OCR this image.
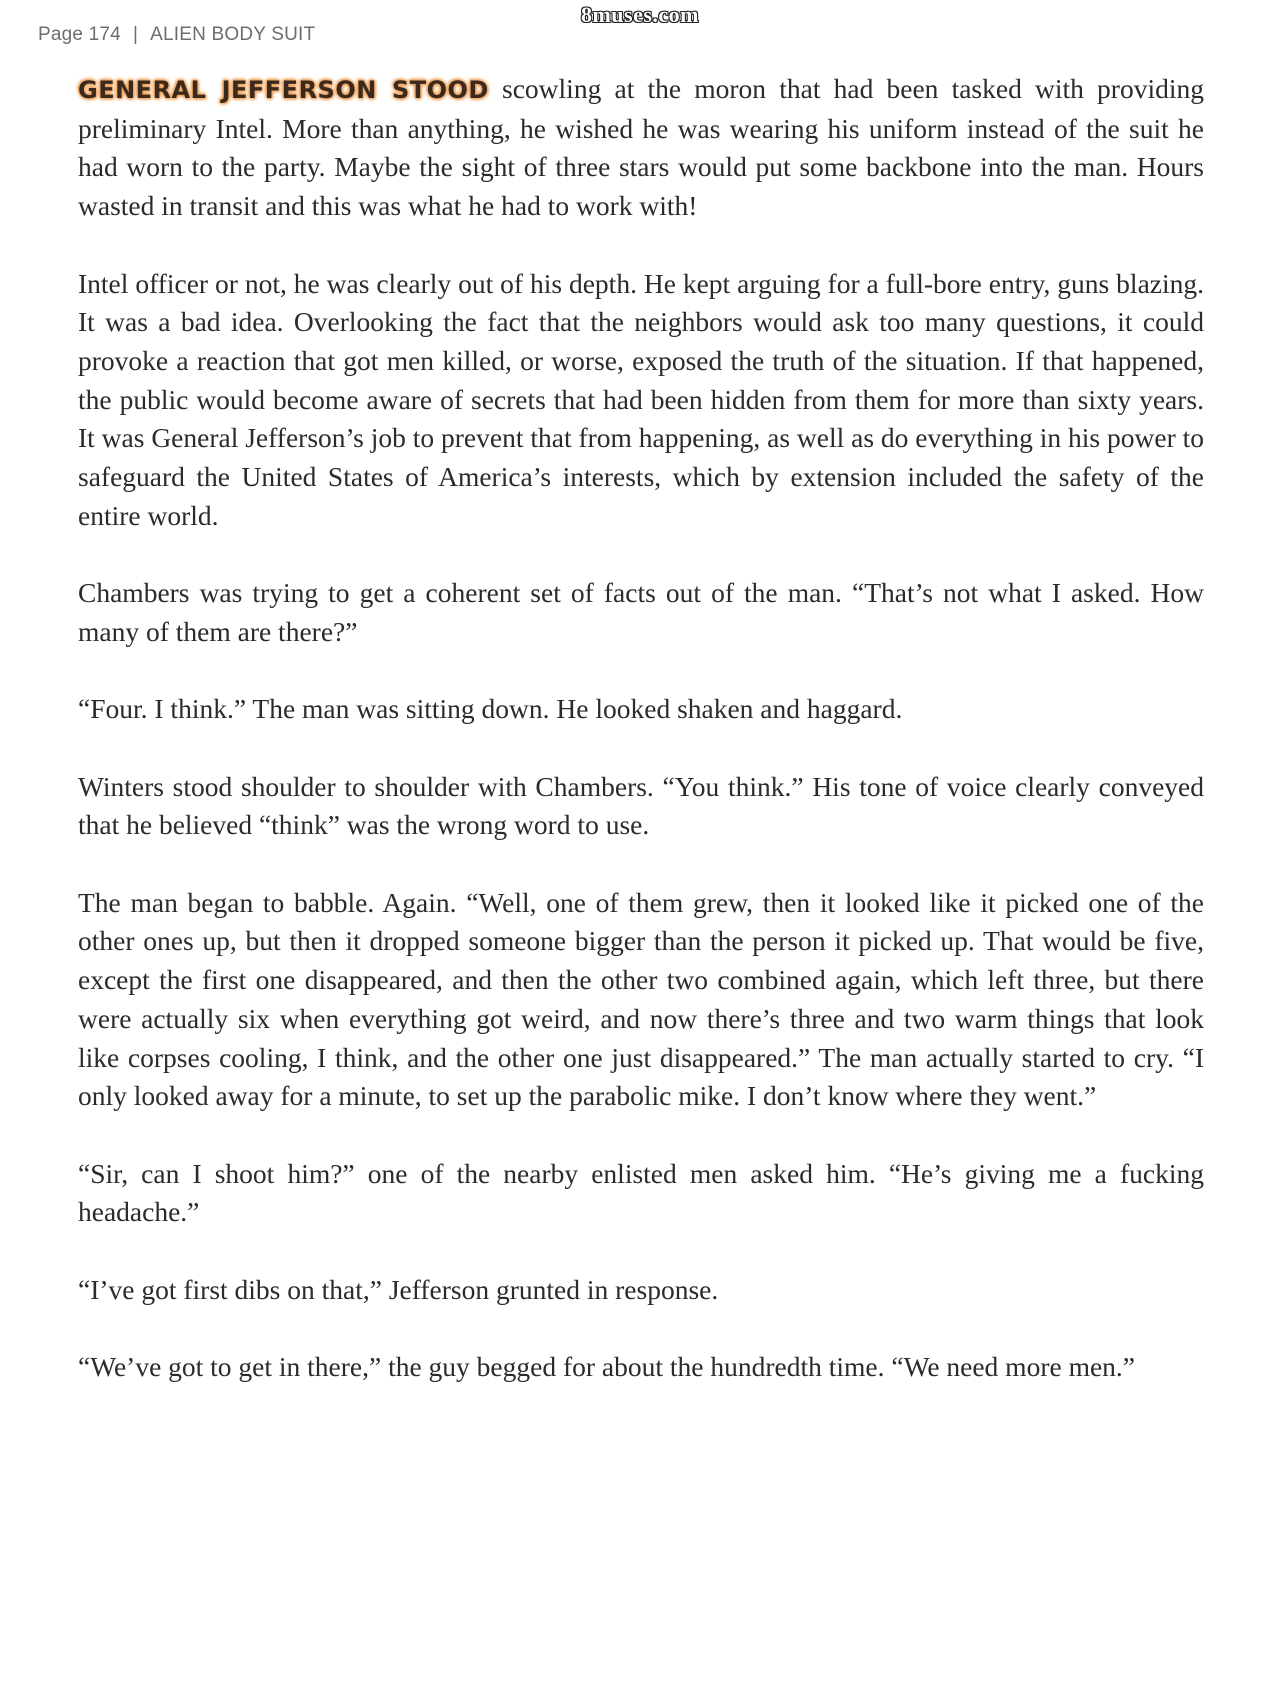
Page 174 | ALIEN BODY SUIT
8muses.com

GENERAL JEFFERSON STOOD scowling at the moron that had been tasked with providing preliminary Intel. More than anything, he wished he was wearing his uniform instead of the suit he had worn to the party. Maybe the sight of three stars would put some backbone into the man. Hours wasted in transit and this was what he had to work with!

Intel officer or not, he was clearly out of his depth. He kept arguing for a full-bore entry, guns blazing. It was a bad idea. Overlooking the fact that the neighbors would ask too many questions, it could provoke a reaction that got men killed, or worse, exposed the truth of the situation. If that happened, the public would become aware of secrets that had been hidden from them for more than sixty years. It was General Jefferson’s job to prevent that from happening, as well as do everything in his power to safeguard the United States of America’s interests, which by extension included the safety of the entire world.

Chambers was trying to get a coherent set of facts out of the man. “That’s not what I asked. How many of them are there?”

“Four. I think.” The man was sitting down. He looked shaken and haggard.

Winters stood shoulder to shoulder with Chambers. “You think.” His tone of voice clearly conveyed that he believed “think” was the wrong word to use.

The man began to babble. Again. “Well, one of them grew, then it looked like it picked one of the other ones up, but then it dropped someone bigger than the person it picked up. That would be five, except the first one disappeared, and then the other two combined again, which left three, but there were actually six when everything got weird, and now there’s three and two warm things that look like corpses cooling, I think, and the other one just disappeared.” The man actually started to cry. “I only looked away for a minute, to set up the parabolic mike. I don’t know where they went.”

“Sir, can I shoot him?” one of the nearby enlisted men asked him. “He’s giving me a fucking headache.”

“I’ve got first dibs on that,” Jefferson grunted in response.

“We’ve got to get in there,” the guy begged for about the hundredth time. “We need more men.”
